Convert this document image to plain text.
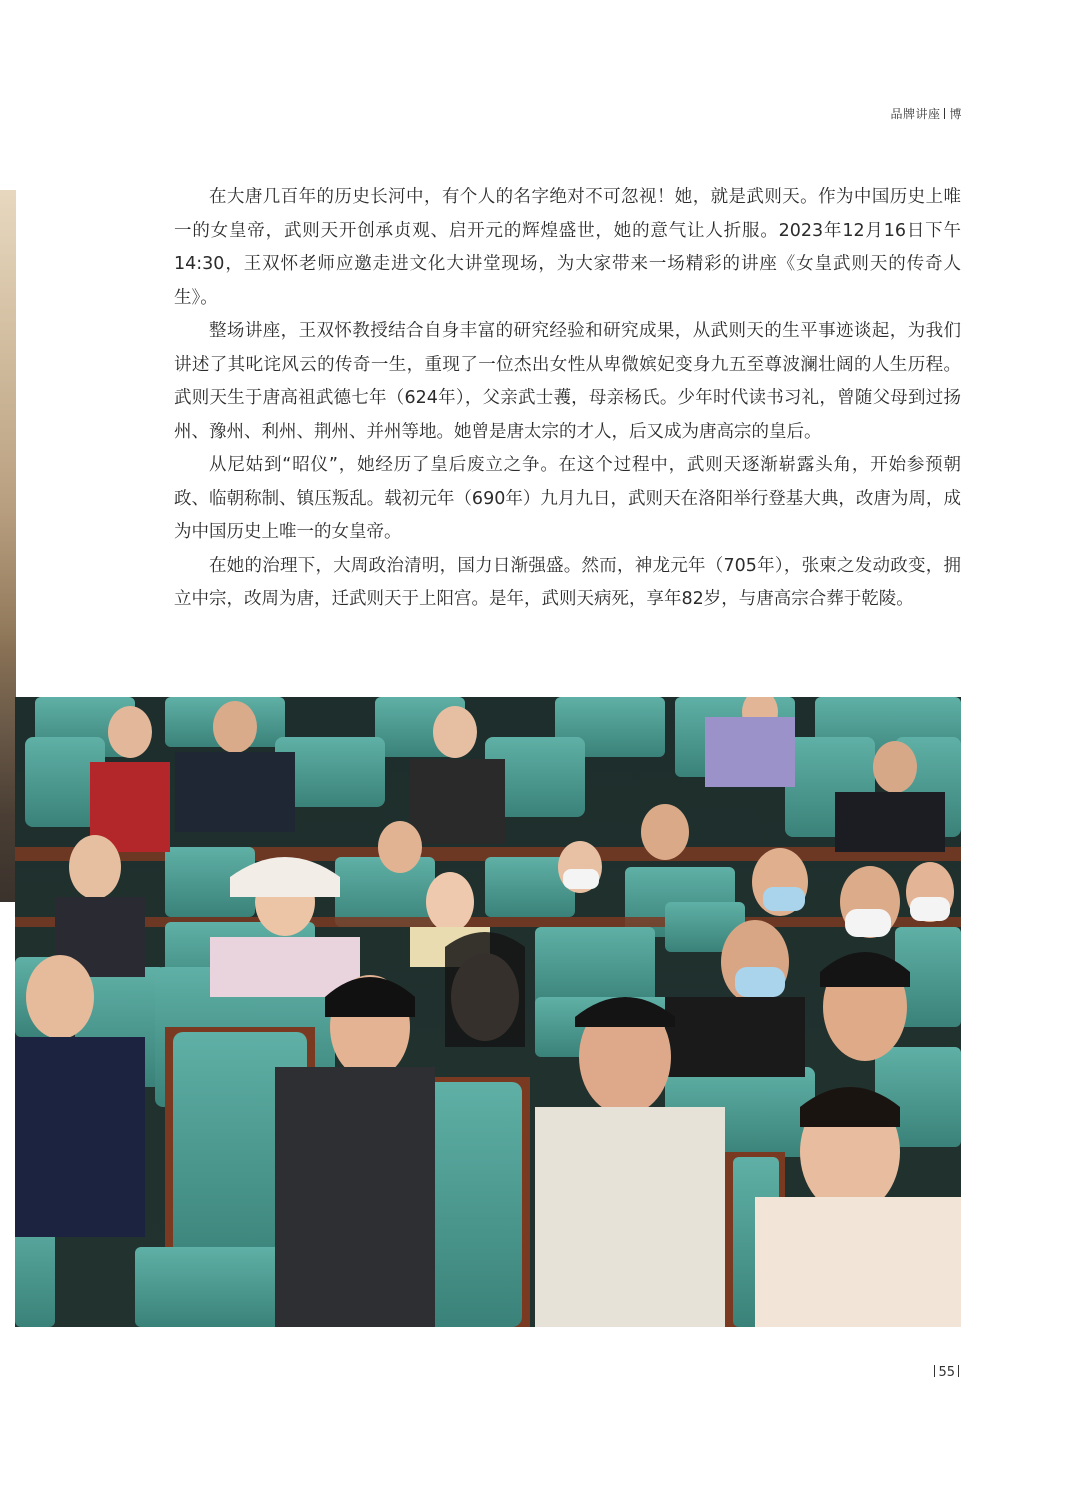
品牌讲座 博

在大唐几百年的历史长河中，有个人的名字绝对不可忽视！她，就是武则天。作为中国历史上唯一的女皇帝，武则天开创承贞观、启开元的辉煌盛世，她的意气让人折服。2023年12月16日下午14:30，王双怀老师应邀走进文化大讲堂现场，为大家带来一场精彩的讲座《女皇武则天的传奇人生》。

整场讲座，王双怀教授结合自身丰富的研究经验和研究成果，从武则天的生平事迹谈起，为我们讲述了其叱诧风云的传奇一生，重现了一位杰出女性从卑微嫔妃变身九五至尊波澜壮阔的人生历程。武则天生于唐高祖武德七年（624年），父亲武士彟，母亲杨氏。少年时代读书习礼，曾随父母到过扬州、豫州、利州、荆州、并州等地。她曾是唐太宗的才人，后又成为唐高宗的皇后。

从尼姑到“昭仪”，她经历了皇后废立之争。在这个过程中，武则天逐渐崭露头角，开始参预朝政、临朝称制、镇压叛乱。载初元年（690年）九月九日，武则天在洛阳举行登基大典，改唐为周，成为中国历史上唯一的女皇帝。

在她的治理下，大周政治清明，国力日渐强盛。然而，神龙元年（705年），张柬之发动政变，拥立中宗，改周为唐，迁武则天于上阳宫。是年，武则天病死，享年82岁，与唐高宗合葬于乾陵。

55
